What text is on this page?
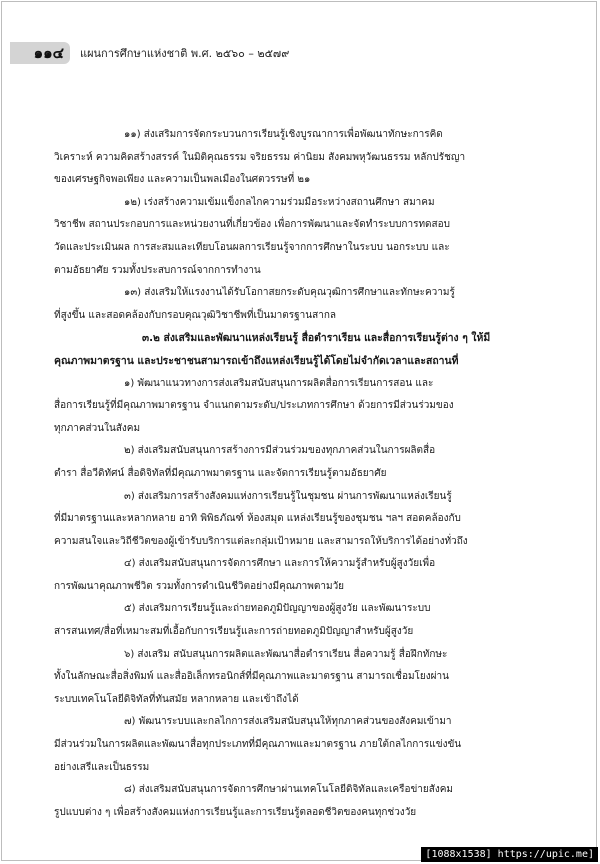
๑๑๔ แผนการศึกษาแห่งชาติ พ.ศ. ๒๕๖๐ – ๒๕๗๙
๑๑) ส่งเสริมการจัดกระบวนการเรียนรู้เชิงบูรณาการเพื่อพัฒนาทักษะการคิด
วิเคราะห์ ความคิดสร้างสรรค์ ในมิติคุณธรรม จริยธรรม ค่านิยม สังคมพหุวัฒนธรรม หลักปรัชญา
ของเศรษฐกิจพอเพียง และความเป็นพลเมืองในศตวรรษที่ ๒๑
๑๒) เร่งสร้างความเข้มแข็งกลไกความร่วมมือระหว่างสถานศึกษา สมาคม
วิชาชีพ สถานประกอบการและหน่วยงานที่เกี่ยวข้อง เพื่อการพัฒนาและจัดทำระบบการทดสอบ
วัดและประเมินผล การสะสมและเทียบโอนผลการเรียนรู้จากการศึกษาในระบบ นอกระบบ และ
ตามอัธยาศัย รวมทั้งประสบการณ์จากการทำงาน
๑๓) ส่งเสริมให้แรงงานได้รับโอกาสยกระดับคุณวุฒิการศึกษาและทักษะความรู้
ที่สูงขึ้น และสอดคล้องกับกรอบคุณวุฒิวิชาชีพที่เป็นมาตรฐานสากล
๓.๒ ส่งเสริมและพัฒนาแหล่งเรียนรู้ สื่อตำราเรียน และสื่อการเรียนรู้ต่าง ๆ ให้มี
คุณภาพมาตรฐาน และประชาชนสามารถเข้าถึงแหล่งเรียนรู้ได้โดยไม่จำกัดเวลาและสถานที่
๑) พัฒนาแนวทางการส่งเสริมสนับสนุนการผลิตสื่อการเรียนการสอน และ
สื่อการเรียนรู้ที่มีคุณภาพมาตรฐาน จำแนกตามระดับ/ประเภทการศึกษา ด้วยการมีส่วนร่วมของ
ทุกภาคส่วนในสังคม
๒) ส่งเสริมสนับสนุนการสร้างการมีส่วนร่วมของทุกภาคส่วนในการผลิตสื่อ
ตำรา สื่อวีดิทัศน์ สื่อดิจิทัลที่มีคุณภาพมาตรฐาน และจัดการเรียนรู้ตามอัธยาศัย
๓) ส่งเสริมการสร้างสังคมแห่งการเรียนรู้ในชุมชน ผ่านการพัฒนาแหล่งเรียนรู้
ที่มีมาตรฐานและหลากหลาย อาทิ พิพิธภัณฑ์ ห้องสมุด แหล่งเรียนรู้ของชุมชน ฯลฯ สอดคล้องกับ
ความสนใจและวิถีชีวิตของผู้เข้ารับบริการแต่ละกลุ่มเป้าหมาย และสามารถให้บริการได้อย่างทั่วถึง
๔) ส่งเสริมสนับสนุนการจัดการศึกษา และการให้ความรู้สำหรับผู้สูงวัยเพื่อ
การพัฒนาคุณภาพชีวิต รวมทั้งการดำเนินชีวิตอย่างมีคุณภาพตามวัย
๕) ส่งเสริมการเรียนรู้และถ่ายทอดภูมิปัญญาของผู้สูงวัย และพัฒนาระบบ
สารสนเทศ/สื่อที่เหมาะสมที่เอื้อกับการเรียนรู้และการถ่ายทอดภูมิปัญญาสำหรับผู้สูงวัย
๖) ส่งเสริม สนับสนุนการผลิตและพัฒนาสื่อตำราเรียน สื่อความรู้ สื่อฝึกทักษะ
ทั้งในลักษณะสื่อสิ่งพิมพ์ และสื่ออิเล็กทรอนิกส์ที่มีคุณภาพและมาตรฐาน สามารถเชื่อมโยงผ่าน
ระบบเทคโนโลยีดิจิทัลที่ทันสมัย หลากหลาย และเข้าถึงได้
๗) พัฒนาระบบและกลไกการส่งเสริมสนับสนุนให้ทุกภาคส่วนของสังคมเข้ามา
มีส่วนร่วมในการผลิตและพัฒนาสื่อทุกประเภทที่มีคุณภาพและมาตรฐาน ภายใต้กลไกการแข่งขัน
อย่างเสรีและเป็นธรรม
๘) ส่งเสริมสนับสนุนการจัดการศึกษาผ่านเทคโนโลยีดิจิทัลและเครือข่ายสังคม
รูปแบบต่าง ๆ เพื่อสร้างสังคมแห่งการเรียนรู้และการเรียนรู้ตลอดชีวิตของคนทุกช่วงวัย
[1088x1538] https://upic.me]
